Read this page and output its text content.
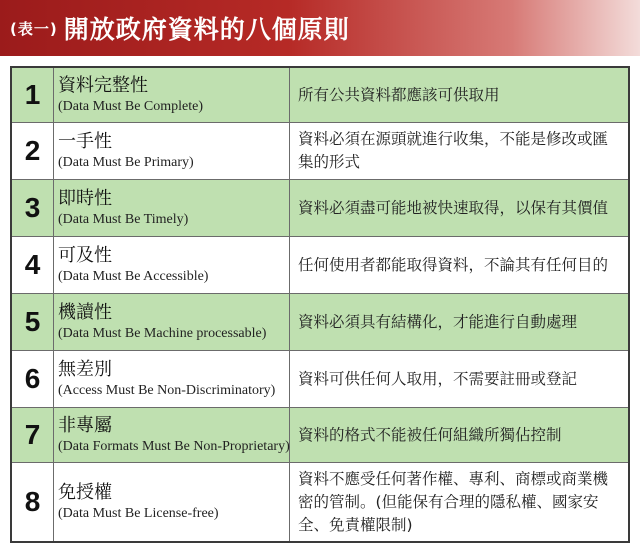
(表一) 開放政府資料的八個原則
1 資料完整性
(Data Must Be Complete)
所有公共資料都應該可供取用
2 一手性
(Data Must Be Primary)
資料必須在源頭就進行收集，不能是修改或匯集的形式
3 即時性
(Data Must Be Timely)
資料必須盡可能地被快速取得，以保有其價值
4 可及性
(Data Must Be Accessible)
任何使用者都能取得資料，不論其有任何目的
5 機讀性
(Data Must Be Machine processable)
資料必須具有結構化，才能進行自動處理
6 無差別
(Access Must Be Non-Discriminatory)
資料可供任何人取用，不需要註冊或登記
7 非專屬
(Data Formats Must Be Non-Proprietary)
資料的格式不能被任何組織所獨佔控制
8 免授權
(Data Must Be License-free)
資料不應受任何著作權、專利、商標或商業機密的管制。(但能保有合理的隱私權、國家安全、免責權限制)
